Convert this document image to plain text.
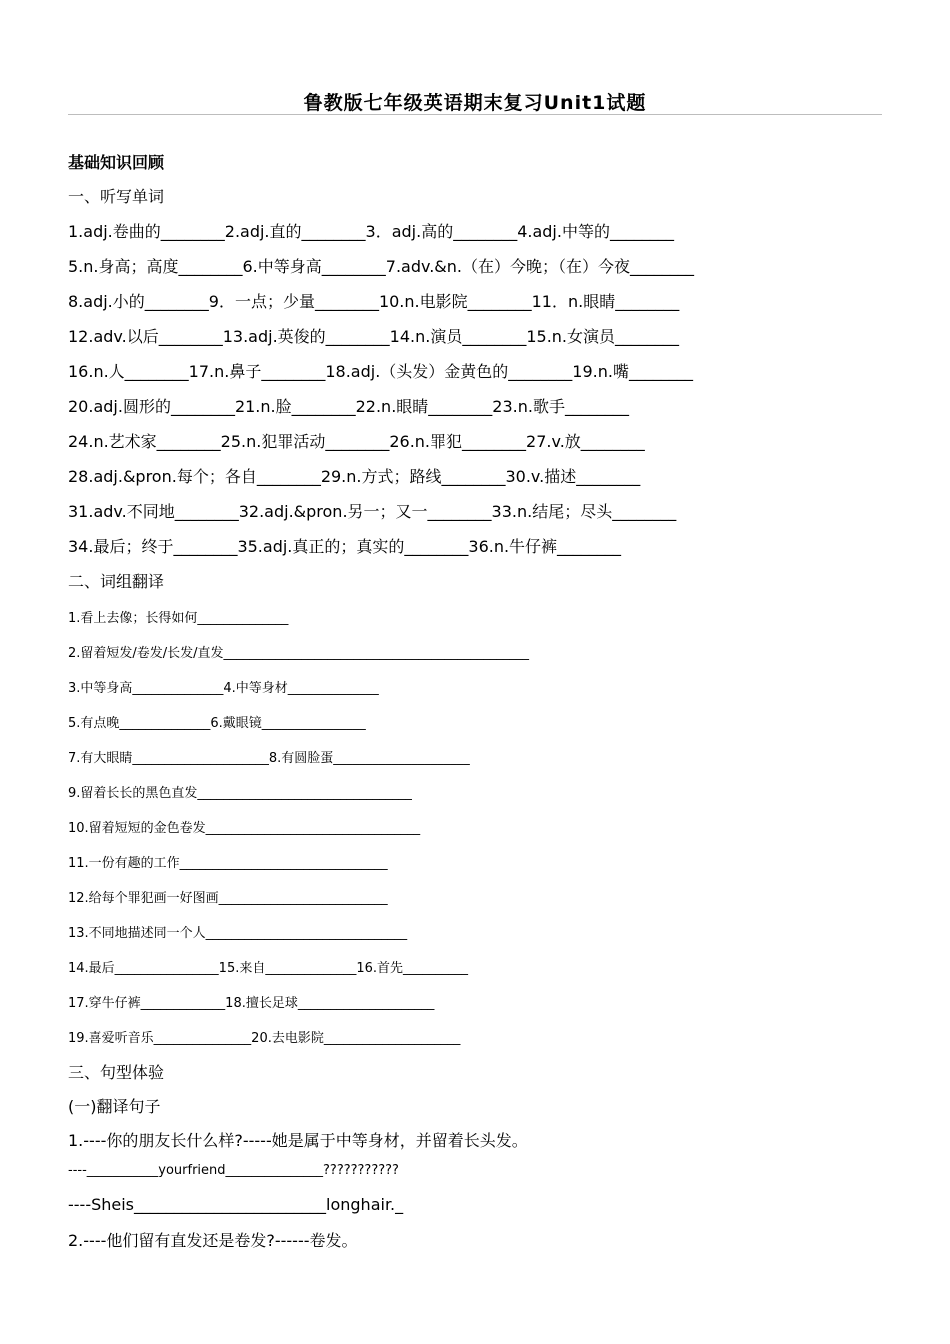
鲁教版七年级英语期末复习Unit1试题
基础知识回顾
一、听写单词
1.adj.卷曲的________2.adj.直的________3．adj.高的________4.adj.中等的________
5.n.身高；高度________6.中等身高________7.adv.&n.（在）今晚；（在）今夜________
8.adj.小的________9．一点；少量________10.n.电影院________11．n.眼睛________
12.adv.以后________13.adj.英俊的________14.n.演员________15.n.女演员________
16.n.人________17.n.鼻子________18.adj.（头发）金黄色的________19.n.嘴________
20.adj.圆形的________21.n.脸________22.n.眼睛________23.n.歌手________
24.n.艺术家________25.n.犯罪活动________26.n.罪犯________27.v.放________
28.adj.&pron.每个；各自________29.n.方式；路线________30.v.描述________
31.adv.不同地________32.adj.&pron.另一；又一________33.n.结尾；尽头________
34.最后；终于________35.adj.真正的；真实的________36.n.牛仔裤________
二、词组翻译
1.看上去像；长得如何______________
2.留着短发/卷发/长发/直发_______________________________________________
3.中等身高______________4.中等身材______________
5.有点晚______________6.戴眼镜________________
7.有大眼睛_____________________8.有圆脸蛋_____________________
9.留着长长的黑色直发_________________________________
10.留着短短的金色卷发_________________________________
11.一份有趣的工作________________________________
12.给每个罪犯画一好图画__________________________
13.不同地描述同一个人_______________________________
14.最后________________15.来自______________16.首先__________
17.穿牛仔裤_____________18.擅长足球_____________________
19.喜爱听音乐_______________20.去电影院_____________________
三、句型体验
(一)翻译句子
1.----你的朋友长什么样?-----她是属于中等身材，并留着长头发。
----___________yourfriend_______________???????????
----Sheis________________________longhair._
2.----他们留有直发还是卷发?------卷发。
